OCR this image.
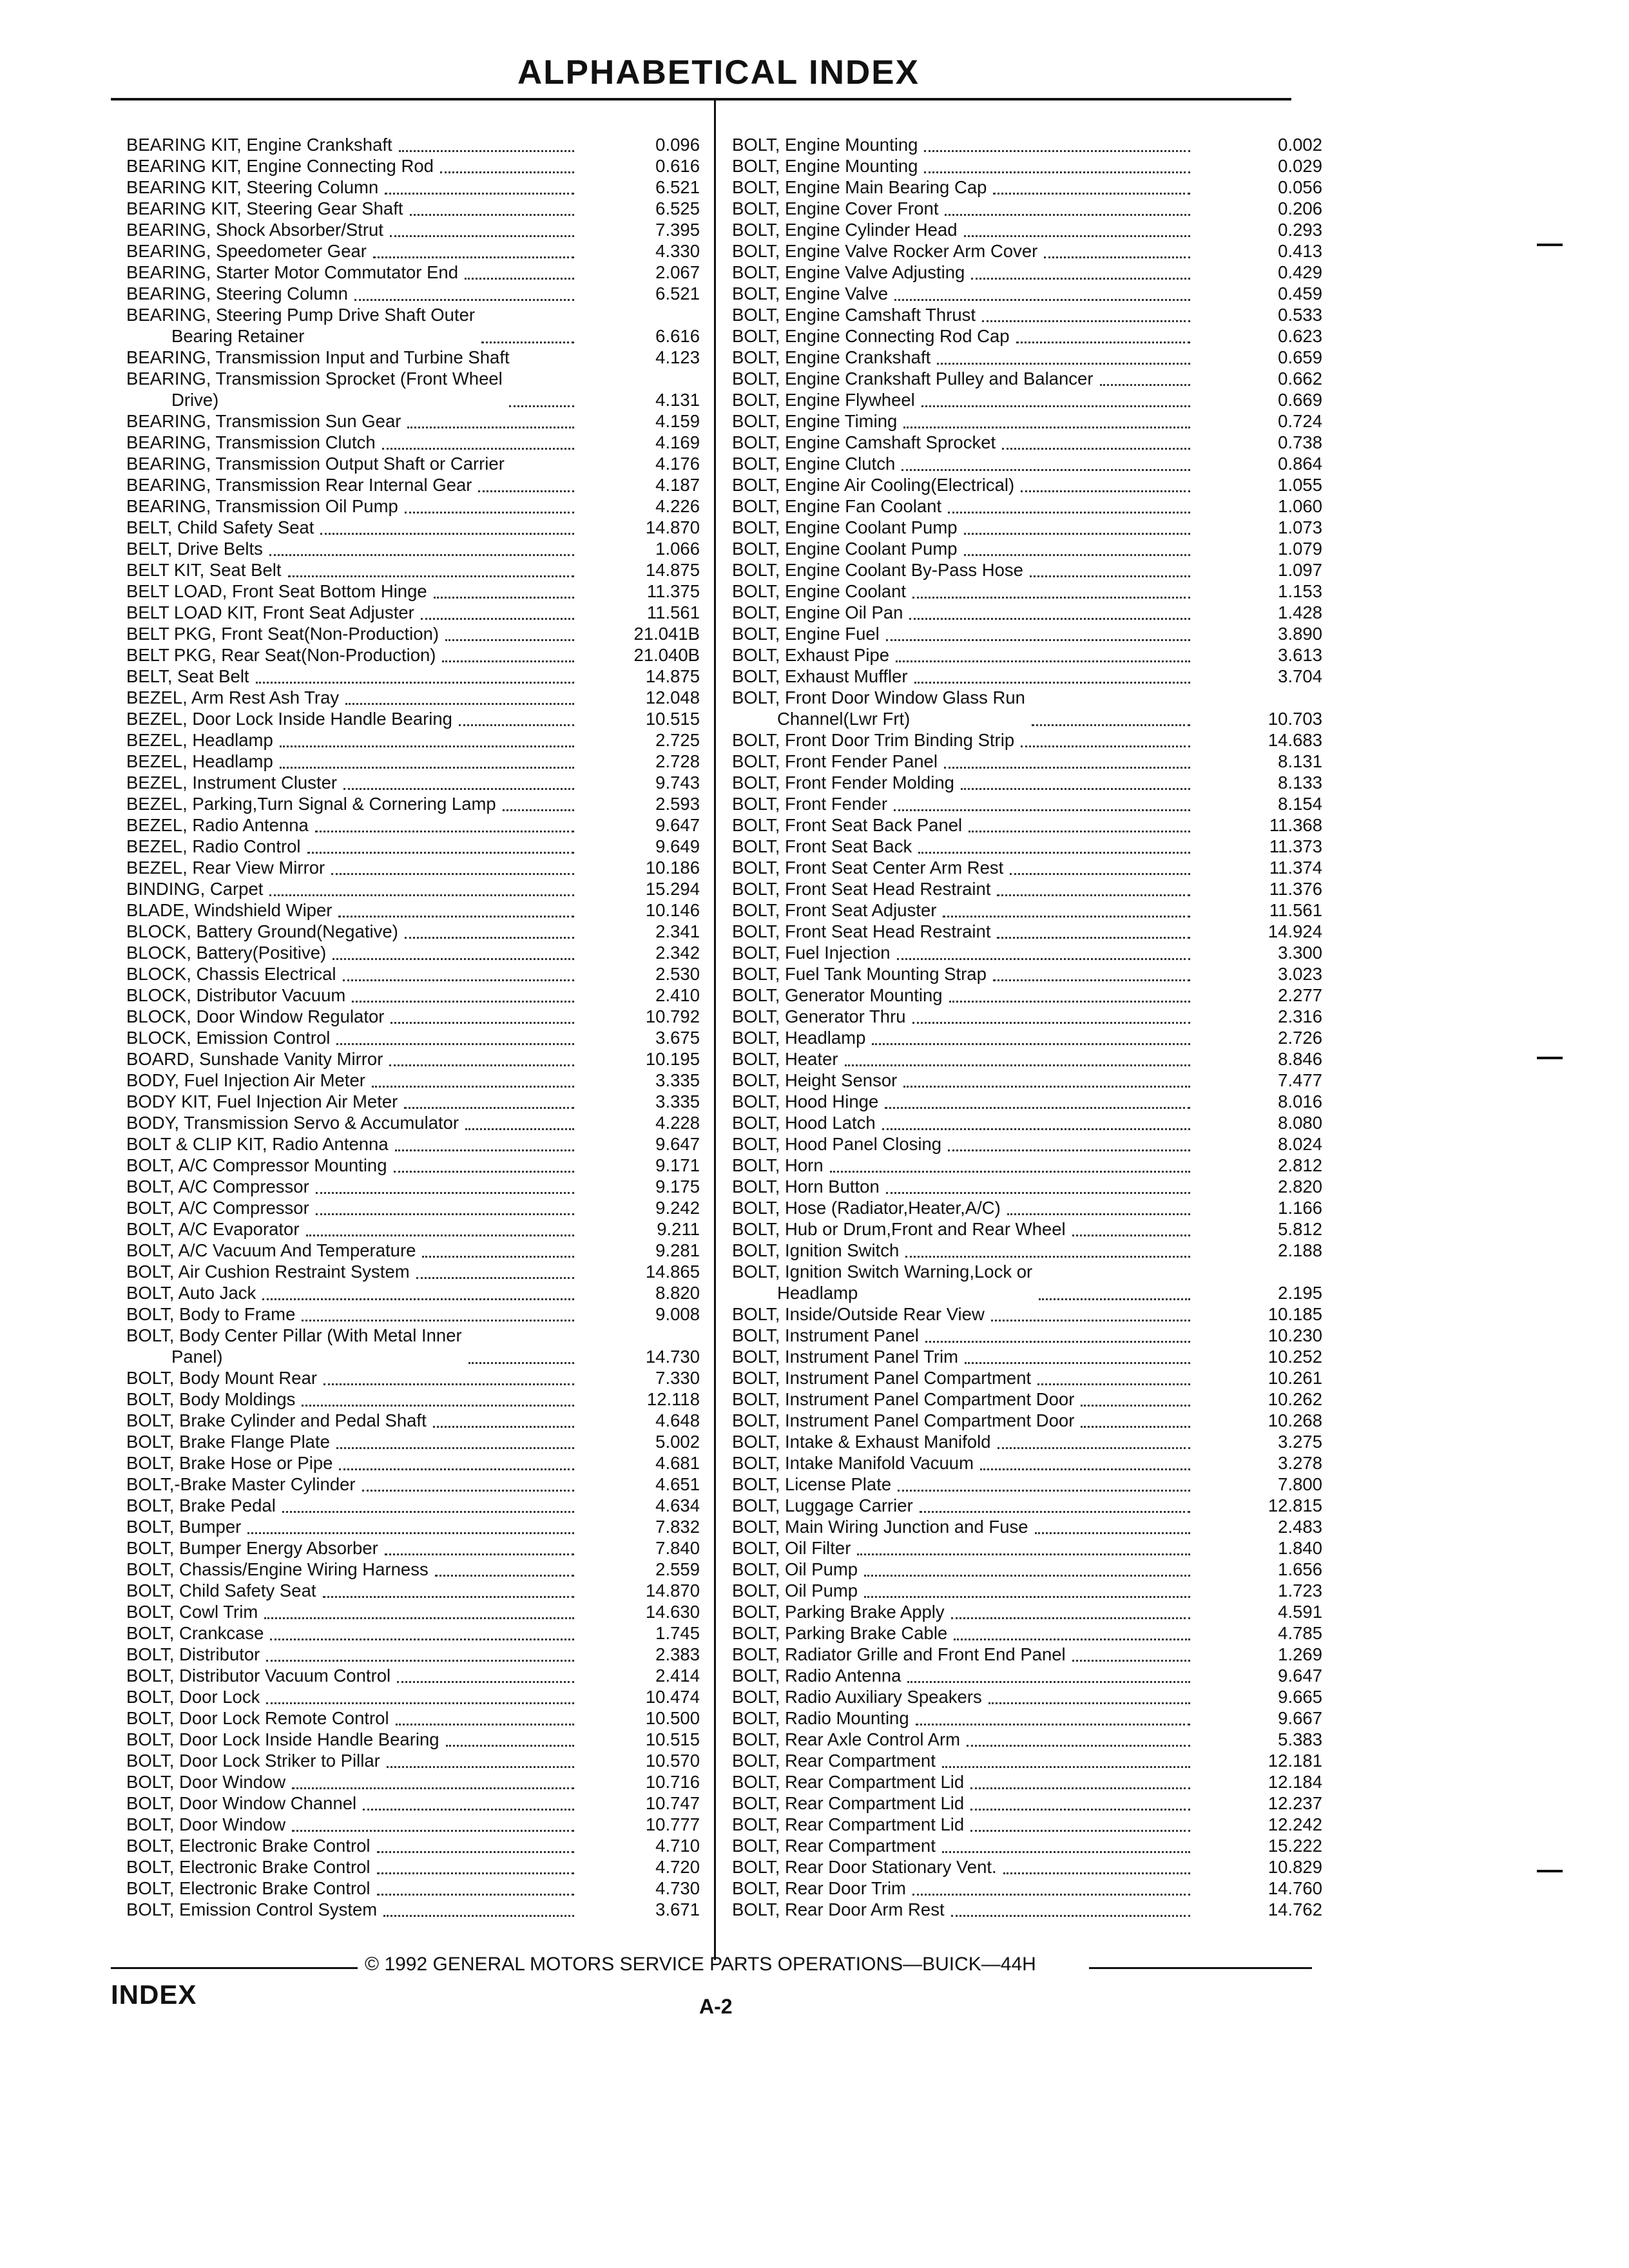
ALPHABETICAL INDEX
BEARING KIT, Engine Crankshaft	0.096
BEARING KIT, Engine Connecting Rod	0.616
BEARING KIT, Steering Column	6.521
BEARING KIT, Steering Gear Shaft	6.525
BEARING, Shock Absorber/Strut	7.395
BEARING, Speedometer Gear	4.330
BEARING, Starter Motor Commutator End	2.067
BEARING, Steering Column	6.521
BEARING, Steering Pump Drive Shaft Outer
Bearing Retainer	6.616
BEARING, Transmission Input and Turbine Shaft	4.123
BEARING, Transmission Sprocket (Front Wheel
Drive)	4.131
BEARING, Transmission Sun Gear	4.159
BEARING, Transmission Clutch	4.169
BEARING, Transmission Output Shaft or Carrier	4.176
BEARING, Transmission Rear Internal Gear	4.187
BEARING, Transmission Oil Pump	4.226
BELT, Child Safety Seat	14.870
BELT, Drive Belts	1.066
BELT KIT, Seat Belt	14.875
BELT LOAD, Front Seat Bottom Hinge	11.375
BELT LOAD KIT, Front Seat Adjuster	11.561
BELT PKG, Front Seat(Non-Production)	21.041B
BELT PKG, Rear Seat(Non-Production)	21.040B
BELT, Seat Belt	14.875
BEZEL, Arm Rest Ash Tray	12.048
BEZEL, Door Lock Inside Handle Bearing	10.515
BEZEL, Headlamp	2.725
BEZEL, Headlamp	2.728
BEZEL, Instrument Cluster	9.743
BEZEL, Parking,Turn Signal & Cornering Lamp	2.593
BEZEL, Radio Antenna	9.647
BEZEL, Radio Control	9.649
BEZEL, Rear View Mirror	10.186
BINDING, Carpet	15.294
BLADE, Windshield Wiper	10.146
BLOCK, Battery Ground(Negative)	2.341
BLOCK, Battery(Positive)	2.342
BLOCK, Chassis Electrical	2.530
BLOCK, Distributor Vacuum	2.410
BLOCK, Door Window Regulator	10.792
BLOCK, Emission Control	3.675
BOARD, Sunshade Vanity Mirror	10.195
BODY, Fuel Injection Air Meter	3.335
BODY KIT, Fuel Injection Air Meter	3.335
BODY, Transmission Servo & Accumulator	4.228
BOLT & CLIP KIT, Radio Antenna	9.647
BOLT, A/C Compressor Mounting	9.171
BOLT, A/C Compressor	9.175
BOLT, A/C Compressor	9.242
BOLT, A/C Evaporator	9.211
BOLT, A/C Vacuum And Temperature	9.281
BOLT, Air Cushion Restraint System	14.865
BOLT, Auto Jack	8.820
BOLT, Body to Frame	9.008
BOLT, Body Center Pillar (With Metal Inner
Panel)	14.730
BOLT, Body Mount Rear	7.330
BOLT, Body Moldings	12.118
BOLT, Brake Cylinder and Pedal Shaft	4.648
BOLT, Brake Flange Plate	5.002
BOLT, Brake Hose or Pipe	4.681
BOLT,-Brake Master Cylinder	4.651
BOLT, Brake Pedal	4.634
BOLT, Bumper	7.832
BOLT, Bumper Energy Absorber	7.840
BOLT, Chassis/Engine Wiring Harness	2.559
BOLT, Child Safety Seat	14.870
BOLT, Cowl Trim	14.630
BOLT, Crankcase	1.745
BOLT, Distributor	2.383
BOLT, Distributor Vacuum Control	2.414
BOLT, Door Lock	10.474
BOLT, Door Lock Remote Control	10.500
BOLT, Door Lock Inside Handle Bearing	10.515
BOLT, Door Lock Striker to Pillar	10.570
BOLT, Door Window	10.716
BOLT, Door Window Channel	10.747
BOLT, Door Window	10.777
BOLT, Electronic Brake Control	4.710
BOLT, Electronic Brake Control	4.720
BOLT, Electronic Brake Control	4.730
BOLT, Emission Control System	3.671
BOLT, Engine Mounting	0.002
BOLT, Engine Mounting	0.029
BOLT, Engine Main Bearing Cap	0.056
BOLT, Engine Cover Front	0.206
BOLT, Engine Cylinder Head	0.293
BOLT, Engine Valve Rocker Arm Cover	0.413
BOLT, Engine Valve Adjusting	0.429
BOLT, Engine Valve	0.459
BOLT, Engine Camshaft Thrust	0.533
BOLT, Engine Connecting Rod Cap	0.623
BOLT, Engine Crankshaft	0.659
BOLT, Engine Crankshaft Pulley and Balancer	0.662
BOLT, Engine Flywheel	0.669
BOLT, Engine Timing	0.724
BOLT, Engine Camshaft Sprocket	0.738
BOLT, Engine Clutch	0.864
BOLT, Engine Air Cooling(Electrical)	1.055
BOLT, Engine Fan Coolant	1.060
BOLT, Engine Coolant Pump	1.073
BOLT, Engine Coolant Pump	1.079
BOLT, Engine Coolant By-Pass Hose	1.097
BOLT, Engine Coolant	1.153
BOLT, Engine Oil Pan	1.428
BOLT, Engine Fuel	3.890
BOLT, Exhaust Pipe	3.613
BOLT, Exhaust Muffler	3.704
BOLT, Front Door Window Glass Run
Channel(Lwr Frt)	10.703
BOLT, Front Door Trim Binding Strip	14.683
BOLT, Front Fender Panel	8.131
BOLT, Front Fender Molding	8.133
BOLT, Front Fender	8.154
BOLT, Front Seat Back Panel	11.368
BOLT, Front Seat Back	11.373
BOLT, Front Seat Center Arm Rest	11.374
BOLT, Front Seat Head Restraint	11.376
BOLT, Front Seat Adjuster	11.561
BOLT, Front Seat Head Restraint	14.924
BOLT, Fuel Injection	3.300
BOLT, Fuel Tank Mounting Strap	3.023
BOLT, Generator Mounting	2.277
BOLT, Generator Thru	2.316
BOLT, Headlamp	2.726
BOLT, Heater	8.846
BOLT, Height Sensor	7.477
BOLT, Hood Hinge	8.016
BOLT, Hood Latch	8.080
BOLT, Hood Panel Closing	8.024
BOLT, Horn	2.812
BOLT, Horn Button	2.820
BOLT, Hose (Radiator,Heater,A/C)	1.166
BOLT, Hub or Drum,Front and Rear Wheel	5.812
BOLT, Ignition Switch	2.188
BOLT, Ignition Switch Warning,Lock or
Headlamp	2.195
BOLT, Inside/Outside Rear View	10.185
BOLT, Instrument Panel	10.230
BOLT, Instrument Panel Trim	10.252
BOLT, Instrument Panel Compartment	10.261
BOLT, Instrument Panel Compartment Door	10.262
BOLT, Instrument Panel Compartment Door	10.268
BOLT, Intake & Exhaust Manifold	3.275
BOLT, Intake Manifold Vacuum	3.278
BOLT, License Plate	7.800
BOLT, Luggage Carrier	12.815
BOLT, Main Wiring Junction and Fuse	2.483
BOLT, Oil Filter	1.840
BOLT, Oil Pump	1.656
BOLT, Oil Pump	1.723
BOLT, Parking Brake Apply	4.591
BOLT, Parking Brake Cable	4.785
BOLT, Radiator Grille and Front End Panel	1.269
BOLT, Radio Antenna	9.647
BOLT, Radio Auxiliary Speakers	9.665
BOLT, Radio Mounting	9.667
BOLT, Rear Axle Control Arm	5.383
BOLT, Rear Compartment	12.181
BOLT, Rear Compartment Lid	12.184
BOLT, Rear Compartment Lid	12.237
BOLT, Rear Compartment Lid	12.242
BOLT, Rear Compartment	15.222
BOLT, Rear Door Stationary Vent.	10.829
BOLT, Rear Door Trim	14.760
BOLT, Rear Door Arm Rest	14.762
© 1992 GENERAL MOTORS SERVICE PARTS OPERATIONS—BUICK—44H
INDEX	A-2
